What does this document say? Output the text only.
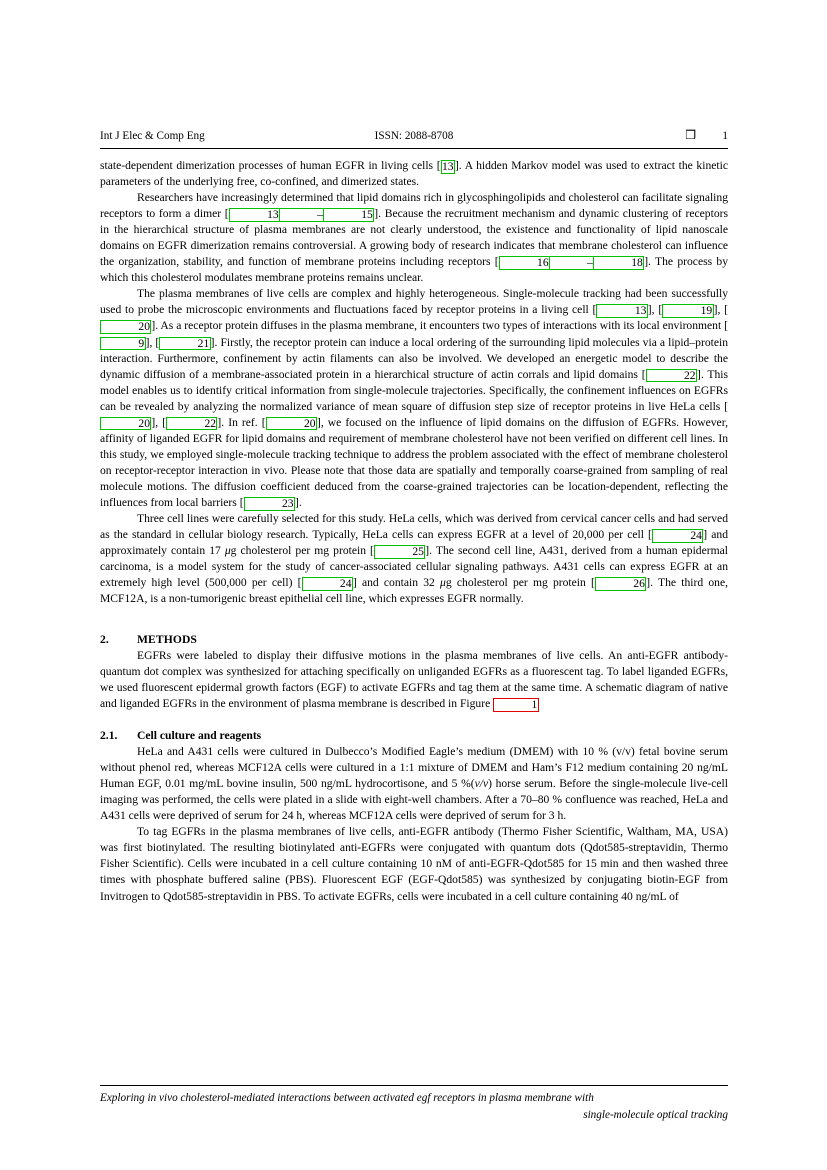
Int J Elec & Comp Eng	ISSN: 2088-8708	❒ 1

state-dependent dimerization processes of human EGFR in living cells [13]. A hidden Markov model was used to extract the kinetic parameters of the underlying free, co-confined, and dimerized states.

Researchers have increasingly determined that lipid domains rich in glycosphingolipids and cholesterol can facilitate signaling receptors to form a dimer [	13	–	15]. Because the recruitment mechanism and dynamic clustering of receptors in the hierarchical structure of plasma membranes are not clearly understood, the existence and functionality of lipid nanoscale domains on EGFR dimerization remains controversial. A growing body of research indicates that membrane cholesterol can influence the organization, stability, and function of membrane proteins including receptors [	16	–	18]. The process by which this cholesterol modulates membrane proteins remains unclear.

The plasma membranes of live cells are complex and highly heterogeneous. Single-molecule tracking had been successfully used to probe the microscopic environments and fluctuations faced by receptor proteins in a living cell [	13], [	19], [20]. As a receptor protein diffuses in the plasma membrane, it encounters two types of interactions with its local environment [9], [	21]. Firstly, the receptor protein can induce a local ordering of the surrounding lipid molecules via a lipid–protein interaction. Furthermore, confinement by actin filaments can also be involved. We developed an energetic model to describe the dynamic diffusion of a membrane-associated protein in a hierarchical structure of actin corrals and lipid domains [	22]. This model enables us to identify critical information from single-molecule trajectories. Specifically, the confinement influences on EGFRs can be revealed by analyzing the normalized variance of mean square of diffusion step size of receptor proteins in live HeLa cells [20], [	22]. In ref. [	20], we focused on the influence of lipid domains on the diffusion of EGFRs. However, affinity of liganded EGFR for lipid domains and requirement of membrane cholesterol have not been verified on different cell lines. In this study, we employed single-molecule tracking technique to address the problem associated with the effect of membrane cholesterol on receptor-receptor interaction in vivo. Please note that those data are spatially and temporally coarse-grained from sampling of real molecule motions. The diffusion coefficient deduced from the coarse-grained trajectories can be location-dependent, reflecting the influences from local barriers [	23].

Three cell lines were carefully selected for this study. HeLa cells, which was derived from cervical cancer cells and had served as the standard in cellular biology research. Typically, HeLa cells can express EGFR at a level of 20,000 per cell [	24] and approximately contain 17 μg cholesterol per mg protein [	25]. The second cell line, A431, derived from a human epidermal carcinoma, is a model system for the study of cancer-associated cellular signaling pathways. A431 cells can express EGFR at an extremely high level (500,000 per cell) [	24] and contain 32 μg cholesterol per mg protein [	26]. The third one, MCF12A, is a non-tumorigenic breast epithelial cell line, which expresses EGFR normally.

2. METHODS

EGFRs were labeled to display their diffusive motions in the plasma membranes of live cells. An anti-EGFR antibody-quantum dot complex was synthesized for attaching specifically on unliganded EGFRs as a fluorescent tag. To label liganded EGFRs, we used fluorescent epidermal growth factors (EGF) to activate EGFRs and tag them at the same time. A schematic diagram of native and liganded EGFRs in the environment of plasma membrane is described in Figure	1

2.1. Cell culture and reagents

HeLa and A431 cells were cultured in Dulbecco’s Modified Eagle’s medium (DMEM) with 10 % (v/v) fetal bovine serum without phenol red, whereas MCF12A cells were cultured in a 1:1 mixture of DMEM and Ham’s F12 medium containing 20 ng/mL Human EGF, 0.01 mg/mL bovine insulin, 500 ng/mL hydrocortisone, and 5 %(v/v) horse serum. Before the single-molecule live-cell imaging was performed, the cells were plated in a slide with eight-well chambers. After a 70–80 % confluence was reached, HeLa and A431 cells were deprived of serum for 24 h, whereas MCF12A cells were deprived of serum for 3 h.

To tag EGFRs in the plasma membranes of live cells, anti-EGFR antibody (Thermo Fisher Scientific, Waltham, MA, USA) was first biotinylated. The resulting biotinylated anti-EGFRs were conjugated with quantum dots (Qdot585-streptavidin, Thermo Fisher Scientific). Cells were incubated in a cell culture containing 10 nM of anti-EGFR-Qdot585 for 15 min and then washed three times with phosphate buffered saline (PBS). Fluorescent EGF (EGF-Qdot585) was synthesized by conjugating biotin-EGF from Invitrogen to Qdot585-streptavidin in PBS. To activate EGFRs, cells were incubated in a cell culture containing 40 ng/mL of

Exploring in vivo cholesterol-mediated interactions between activated egf receptors in plasma membrane with
single-molecule optical tracking
